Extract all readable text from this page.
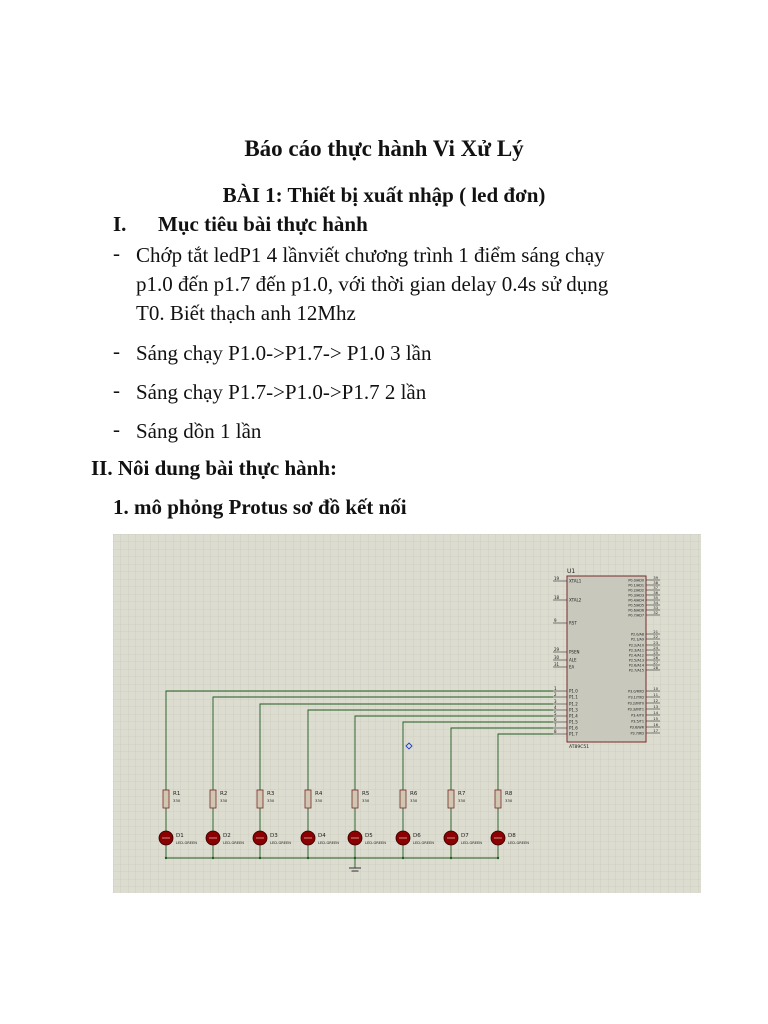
Báo cáo thực hành Vi Xử Lý
BÀI 1: Thiết bị xuất nhập ( led đơn)
I. Mục tiêu bài thực hành
- Chớp tắt ledP1 4 lầnviết chương trình 1 điểm sáng chạy
p1.0 đến p1.7 đến p1.0, với thời gian delay 0.4s sử dụng
T0. Biết thạch anh 12Mhz
- Sáng chạy P1.0->P1.7-> P1.0 3 lần
- Sáng chạy P1.7->P1.0->P1.7 2 lần
- Sáng dồn 1 lần
II. Nôi dung bài thực hành:
1. mô phỏng Protus sơ đồ kết nối
U1
AT89C51
19 XTAL1
18 XTAL2
9	RST
29 PSEN
30 ALE
31 EA
1	P1.0
2	P1.1
3	P1.2
4	P1.3
5	P1.4
6	P1.5
7	P1.6
8	P1.7
39
P0.0/AD0
38
P0.1/AD1
37
P0.2/AD2
36
P0.3/AD3
35
P0.4/AD4
34
P0.5/AD5
33
P0.6/AD6
32
P0.7/AD7
21
P2.0/A8
22
P2.1/A9
23
P2.2/A10
24
P2.3/A11
25
P2.4/A12
26
P2.5/A13
27
P2.6/A14
28
P2.7/A15
10
P3.0/RXD
11
P3.1/TXD
12
P3.2/INT0
13
P3.3/INT1
14
P3.4/T0
15
P3.5/T1
16
P3.6/WR
17
P3.7/RD
R1
330
D1
LED-GREEN
R2
330
D2
LED-GREEN
R3
330
D3
LED-GREEN
R4
330
D4
LED-GREEN
R5
330
D5
LED-GREEN
R6
330
D6
LED-GREEN
R7
330
D7
LED-GREEN
R8
330
D8
LED-GREEN
